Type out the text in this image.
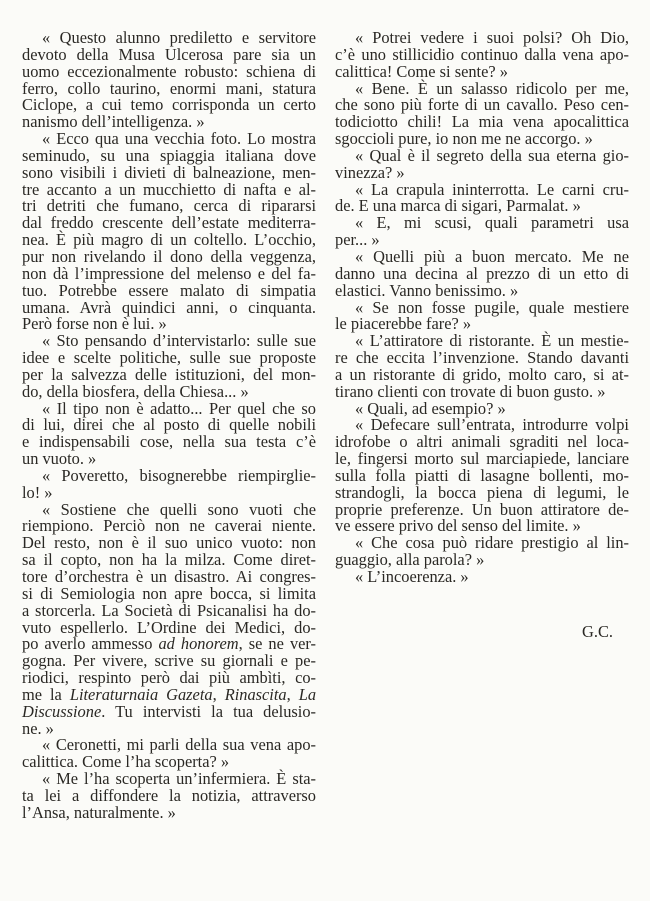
« Questo alunno prediletto e servitore
devoto della Musa Ulcerosa pare sia un
uomo eccezionalmente robusto: schiena di
ferro, collo taurino, enormi mani, statura
Ciclope, a cui temo corrisponda un certo
nanismo dell’intelligenza. »
« Ecco qua una vecchia foto. Lo mostra
seminudo, su una spiaggia italiana dove
sono visibili i divieti di balneazione, men-
tre accanto a un mucchietto di nafta e al-
tri detriti che fumano, cerca di ripararsi
dal freddo crescente dell’estate mediterra-
nea. È più magro di un coltello. L’occhio,
pur non rivelando il dono della veggenza,
non dà l’impressione del melenso e del fa-
tuo. Potrebbe essere malato di simpatia
umana. Avrà quindici anni, o cinquanta.
Però forse non è lui. »
« Sto pensando d’intervistarlo: sulle sue
idee e scelte politiche, sulle sue proposte
per la salvezza delle istituzioni, del mon-
do, della biosfera, della Chiesa... »
« Il tipo non è adatto... Per quel che so
di lui, direi che al posto di quelle nobili
e indispensabili cose, nella sua testa c’è
un vuoto. »
« Poveretto, bisognerebbe riempirglie-
lo! »
« Sostiene che quelli sono vuoti che
riempiono. Perciò non ne caverai niente.
Del resto, non è il suo unico vuoto: non
sa il copto, non ha la milza. Come diret-
tore d’orchestra è un disastro. Ai congres-
si di Semiologia non apre bocca, si limita
a storcerla. La Società di Psicanalisi ha do-
vuto espellerlo. L’Ordine dei Medici, do-
po averlo ammesso ad honorem, se ne ver-
gogna. Per vivere, scrive su giornali e pe-
riodici, respinto però dai più ambìti, co-
me la Literaturnaia Gazeta, Rinascita, La
Discussione. Tu intervisti la tua delusio-
ne. »
« Ceronetti, mi parli della sua vena apo-
calittica. Come l’ha scoperta? »
« Me l’ha scoperta un’infermiera. È sta-
ta lei a diffondere la notizia, attraverso
l’Ansa, naturalmente. »
« Potrei vedere i suoi polsi? Oh Dio,
c’è uno stillicidio continuo dalla vena apo-
calittica! Come si sente? »
« Bene. È un salasso ridicolo per me,
che sono più forte di un cavallo. Peso cen-
todiciotto chili! La mia vena apocalittica
sgoccioli pure, io non me ne accorgo. »
« Qual è il segreto della sua eterna gio-
vinezza? »
« La crapula ininterrotta. Le carni cru-
de. E una marca di sigari, Parmalat. »
« E, mi scusi, quali parametri usa
per... »
« Quelli più a buon mercato. Me ne
danno una decina al prezzo di un etto di
elastici. Vanno benissimo. »
« Se non fosse pugile, quale mestiere
le piacerebbe fare? »
« L’attiratore di ristorante. È un mestie-
re che eccita l’invenzione. Stando davanti
a un ristorante di grido, molto caro, si at-
tirano clienti con trovate di buon gusto. »
« Quali, ad esempio? »
« Defecare sull’entrata, introdurre volpi
idrofobe o altri animali sgraditi nel loca-
le, fingersi morto sul marciapiede, lanciare
sulla folla piatti di lasagne bollenti, mo-
strandogli, la bocca piena di legumi, le
proprie preferenze. Un buon attiratore de-
ve essere privo del senso del limite. »
« Che cosa può ridare prestigio al lin-
guaggio, alla parola? »
« L’incoerenza. »
G.C.
